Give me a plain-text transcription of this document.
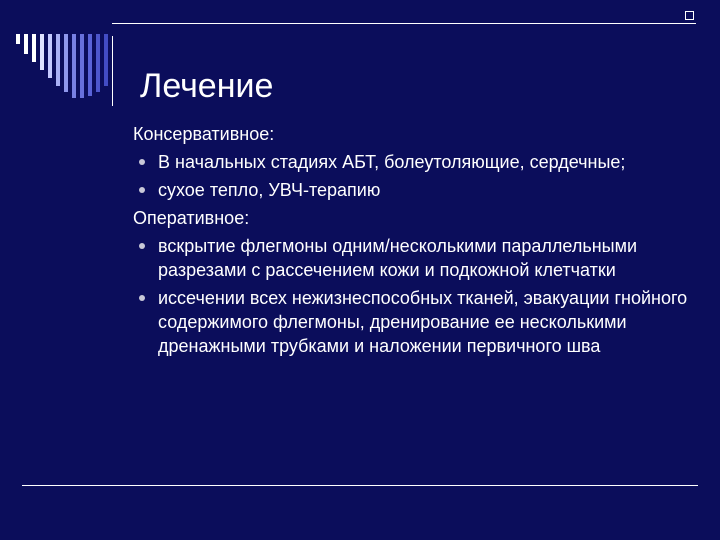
Лечение

Консервативное:

В начальных стадиях АБТ, болеутоляющие, сердечные;
сухое тепло, УВЧ-терапию

Оперативное:

вскрытие флегмоны одним/несколькими параллельными разрезами с рассечением кожи и подкожной клетчатки
иссечении всех нежизнеспособных тканей, эвакуации гнойного содержимого флегмоны, дренирование ее несколькими дренажными трубками и наложении первичного шва
